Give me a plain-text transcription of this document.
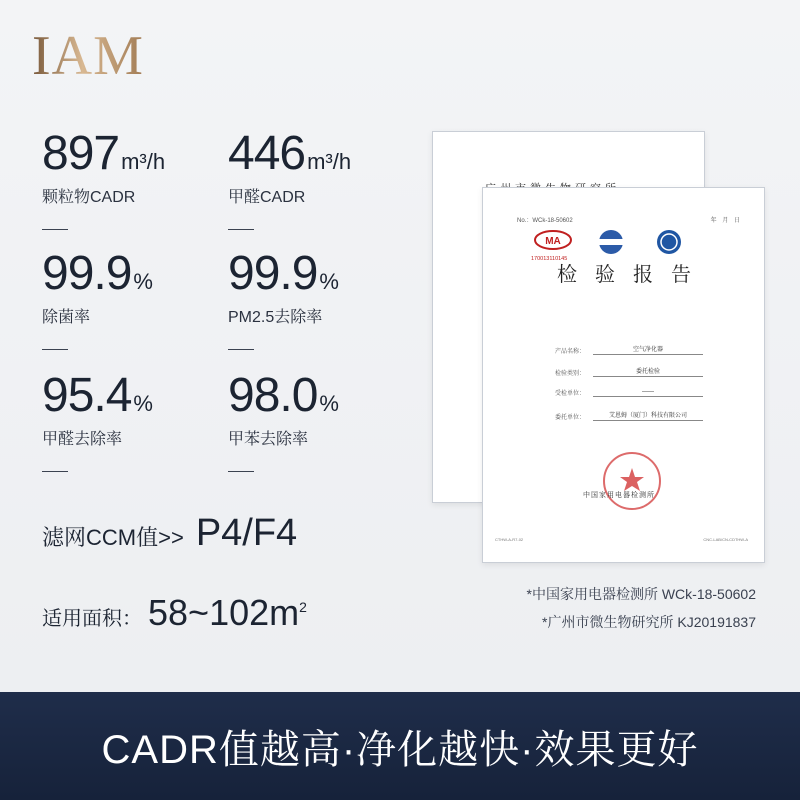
IAM
897m³/h
颗粒物CADR
446m³/h
甲醛CADR
99.9%
除菌率
99.9%
PM2.5去除率
95.4%
甲醛去除率
98.0%
甲苯去除率
滤网CCM值>> P4/F4
适用面积： $58\sim 102m^2$
No.：WCk-18-50602	年 月 日
MA
170013110145
检验报告
产品名称：	空气净化器
检验类别：	委托检验
受检单位：	——
委托单位：	艾恩姆（厦门）科技有限公司
中国家用电器检测所
CTHW-A-R7-02	CNC-LAB/CN-CDTHW-A
*中国家用电器检测所 WCk-18-50602
*广州市微生物研究所 KJ20191837
CADR值越高·净化越快·效果更好
